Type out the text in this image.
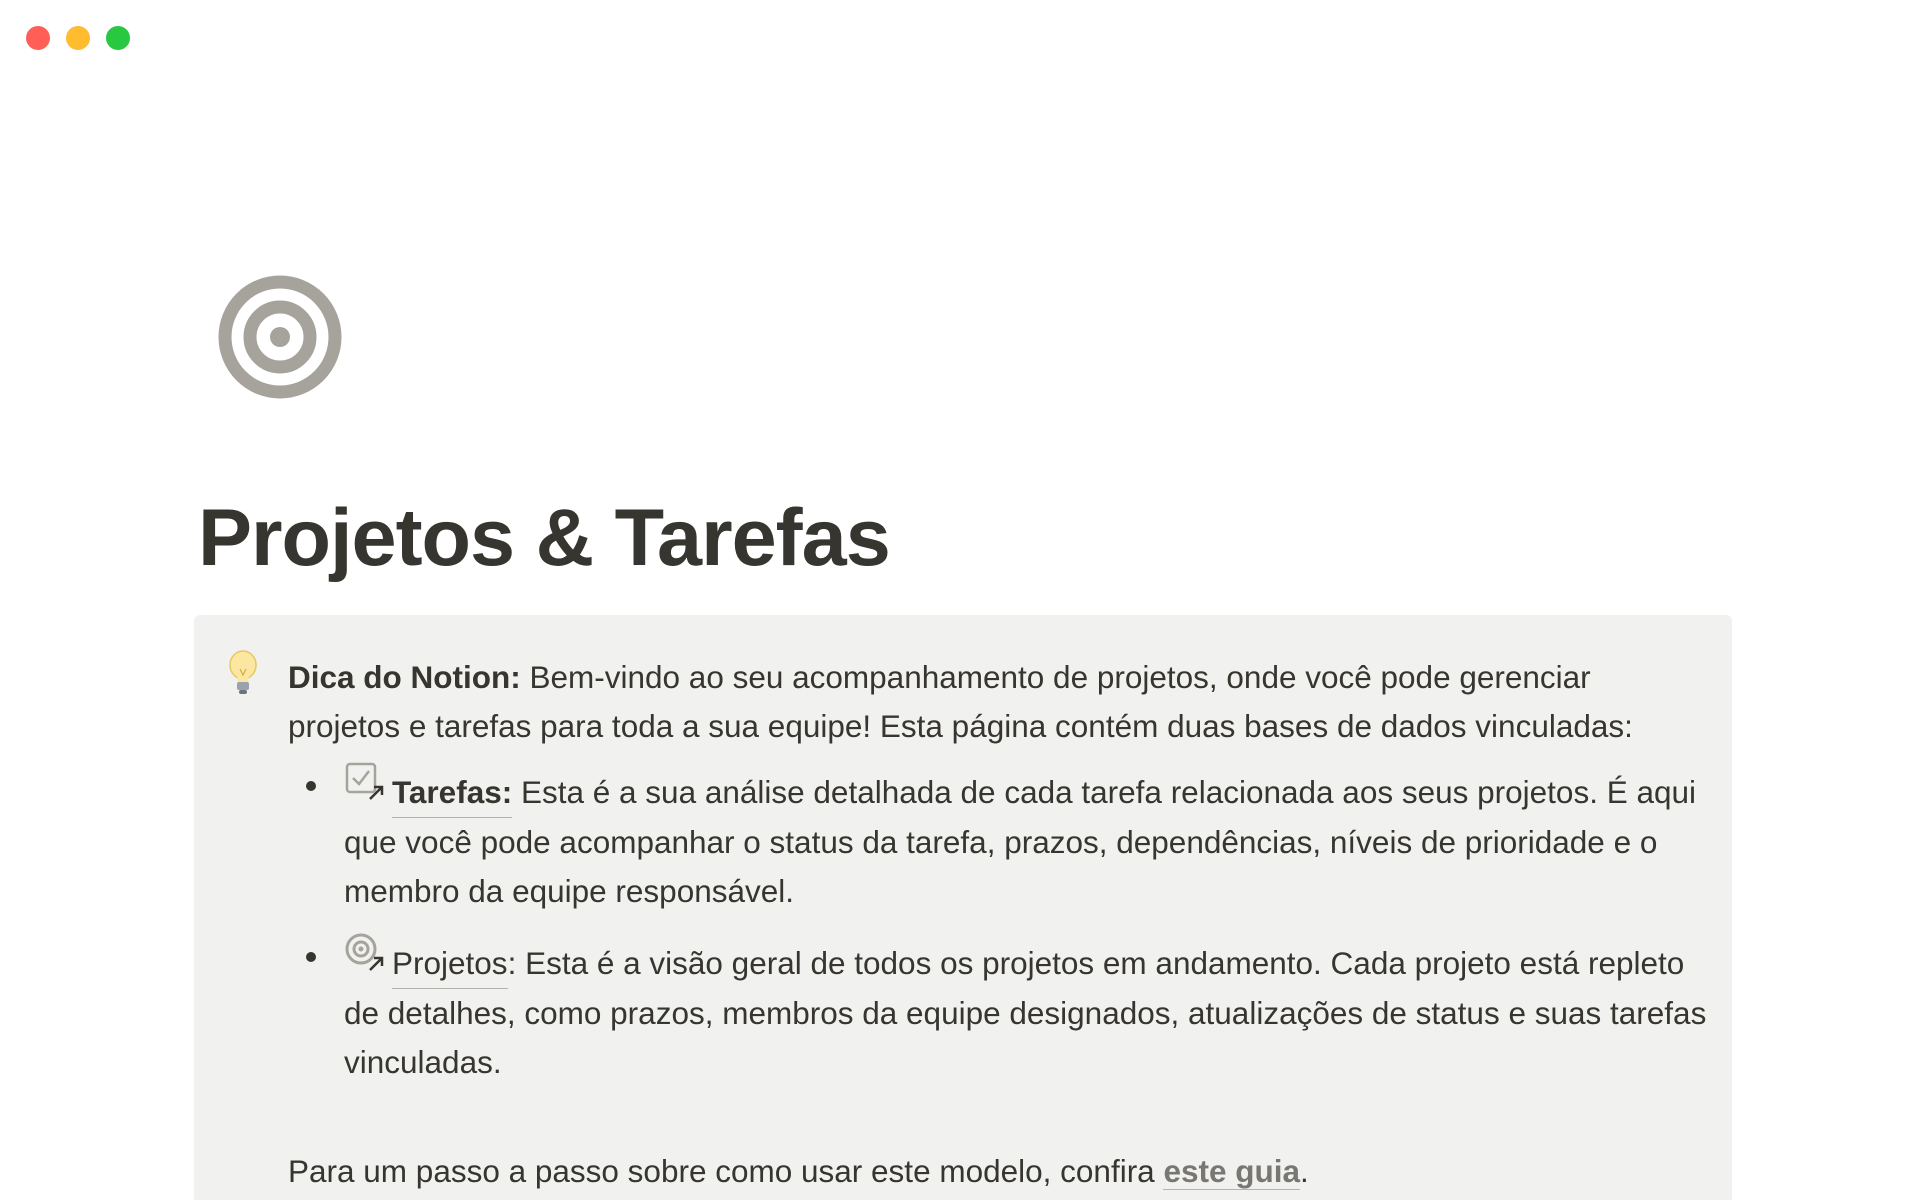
Projetos & Tarefas

Dica do Notion: Bem-vindo ao seu acompanhamento de projetos, onde você pode gerenciar projetos e tarefas para toda a sua equipe! Esta página contém duas bases de dados vinculadas:

Tarefas: Esta é a sua análise detalhada de cada tarefa relacionada aos seus projetos. É aqui que você pode acompanhar o status da tarefa, prazos, dependências, níveis de prioridade e o membro da equipe responsável.
Projetos : Esta é a visão geral de todos os projetos em andamento. Cada projeto está repleto de detalhes, como prazos, membros da equipe designados, atualizações de status e suas tarefas vinculadas.

Para um passo a passo sobre como usar este modelo, confira este guia.
